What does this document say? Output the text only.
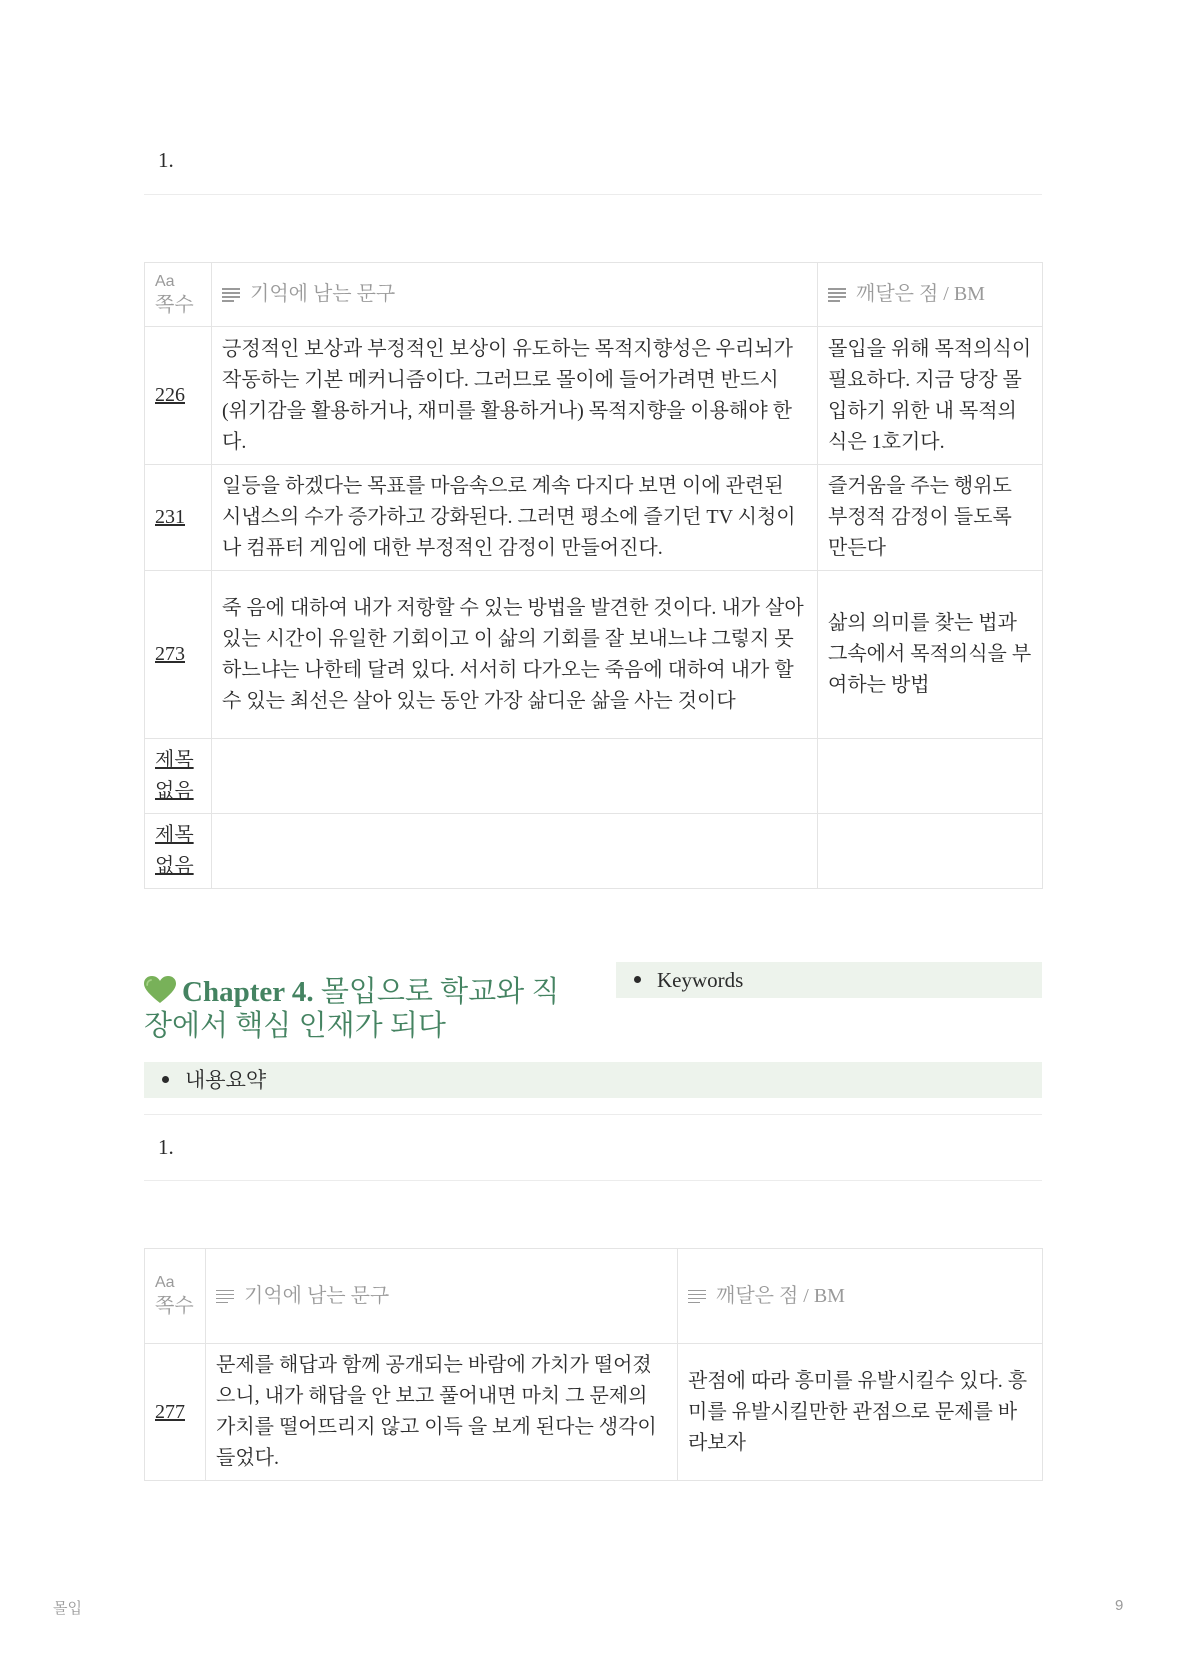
1.
Aa
쪽수	기억에 남는 문구	깨달은 점 / BM
226	긍정적인 보상과 부정적인 보상이 유도하는 목적지향성은 우리뇌가 작동하는 기본 메커니즘이다. 그러므로 몰이에 들어가려면 반드시 (위기감을 활용하거나, 재미를 활용하거나) 목적지향을 이용해야 한다.	몰입을 위해 목적의식이 필요하다. 지금 당장 몰입하기 위한 내 목적의식은 1호기다.
231	일등을 하겠다는 목표를 마음속으로 계속 다지다 보면 이에 관련된 시냅스의 수가 증가하고 강화된다. 그러면 평소에 즐기던 TV 시청이나 컴퓨터 게임에 대한 부정적인 감정이 만들어진다.	즐거움을 주는 행위도 부정적 감정이 들도록 만든다
273	죽 음에 대하여 내가 저항할 수 있는 방법을 발견한 것이다. 내가 살아 있는 시간이 유일한 기회이고 이 삶의 기회를 잘 보내느냐 그렇지 못 하느냐는 나한테 달려 있다. 서서히 다가오는 죽음에 대하여 내가 할 수 있는 최선은 살아 있는 동안 가장 삶디운 삶을 사는 것이다	삶의 의미를 찾는 법과 그속에서 목적의식을 부여하는 방법
제목 없음		
제목 없음		
Chapter 4. 몰입으로 학교와 직장에서 핵심 인재가 되다
Keywords
내용요약
1.
Aa
쪽수	기억에 남는 문구	깨달은 점 / BM
277	문제를 해답과 함께 공개되는 바람에 가치가 떨어졌으니, 내가 해답을 안 보고 풀어내면 마치 그 문제의 가치를 떨어뜨리지 않고 이득 을 보게 된다는 생각이 들었다.	관점에 따라 흥미를 유발시킬수 있다. 흥미를 유발시킬만한 관점으로 문제를 바라보자
몰입	9
